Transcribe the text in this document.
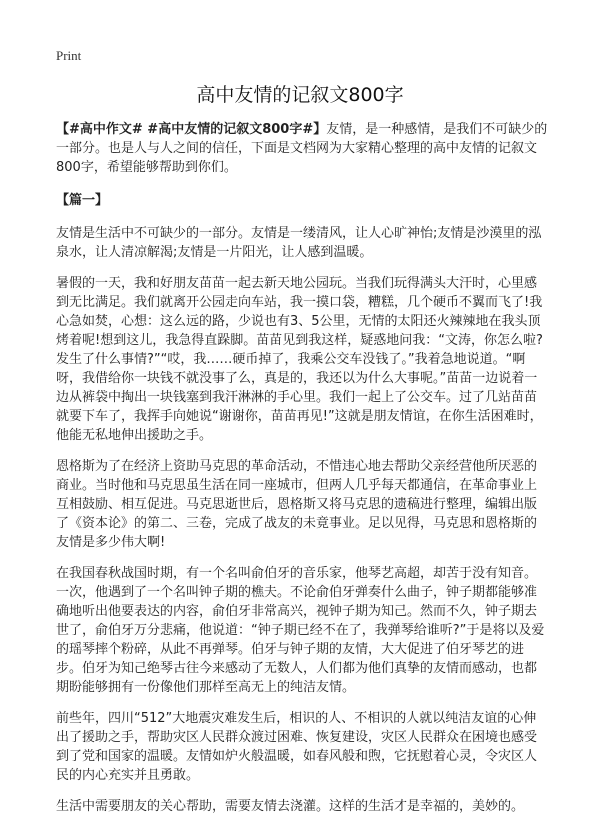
Print
高中友情的记叙文800字

【#高中作文# #高中友情的记叙文800字#】友情，是一种感情，是我们不可缺少的一部分。也是人与人之间的信任，下面是文档网为大家精心整理的高中友情的记叙文800字，希望能够帮助到你们。

【篇一】

友情是生活中不可缺少的一部分。友情是一缕清风，让人心旷神怡;友情是沙漠里的泓泉水，让人清凉解渴;友情是一片阳光，让人感到温暖。

暑假的一天，我和好朋友苗苗一起去新天地公园玩。当我们玩得满头大汗时，心里感到无比满足。我们就离开公园走向车站，我一摸口袋，糟糕，几个硬币不翼而飞了!我心急如焚，心想：这么远的路，少说也有3、5公里，无情的太阳还火辣辣地在我头顶烤着呢!想到这儿，我急得直跺脚。苗苗见到我这样，疑惑地问我：“文涛，你怎么啦?发生了什么事情?”“哎，我……硬币掉了，我乘公交车没钱了。”我着急地说道。“啊呀，我借给你一块钱不就没事了么，真是的，我还以为什么大事呢。”苗苗一边说着一边从裤袋中掏出一块钱塞到我汗淋淋的手心里。我们一起上了公交车。过了几站苗苗就要下车了，我挥手向她说“谢谢你，苗苗再见!”这就是朋友情谊，在你生活困难时，他能无私地伸出援助之手。

恩格斯为了在经济上资助马克思的革命活动，不惜违心地去帮助父亲经营他所厌恶的商业。当时他和马克思虽生活在同一座城市，但两人几乎每天都通信，在革命事业上互相鼓励、相互促进。马克思逝世后，恩格斯又将马克思的遗稿进行整理，编辑出版了《资本论》的第二、三卷，完成了战友的未竟事业。足以见得，马克思和恩格斯的友情是多少伟大啊!

在我国春秋战国时期，有一个名叫俞伯牙的音乐家，他琴艺高超，却苦于没有知音。一次，他遇到了一个名叫钟子期的樵夫。不论俞伯牙弹奏什么曲子，钟子期都能够准确地听出他要表达的内容，俞伯牙非常高兴，视钟子期为知己。然而不久，钟子期去世了，俞伯牙万分悲痛，他说道：“钟子期已经不在了，我弹琴给谁听?”于是将以及爱的瑶琴摔个粉碎，从此不再弹琴。伯牙与钟子期的友情，大大促进了伯牙琴艺的进步。伯牙为知己绝琴古往今来感动了无数人，人们都为他们真挚的友情而感动，也都期盼能够拥有一份像他们那样至高无上的纯洁友情。

前些年，四川“512”大地震灾难发生后，相识的人、不相识的人就以纯洁友谊的心伸出了援助之手，帮助灾区人民群众渡过困难、恢复建设，灾区人民群众在困境也感受到了党和国家的温暖。友情如炉火般温暖，如春风般和煦，它抚慰着心灵，令灾区人民的内心充实并且勇敢。

生活中需要朋友的关心帮助，需要友情去浇灌。这样的生活才是幸福的，美妙的。
